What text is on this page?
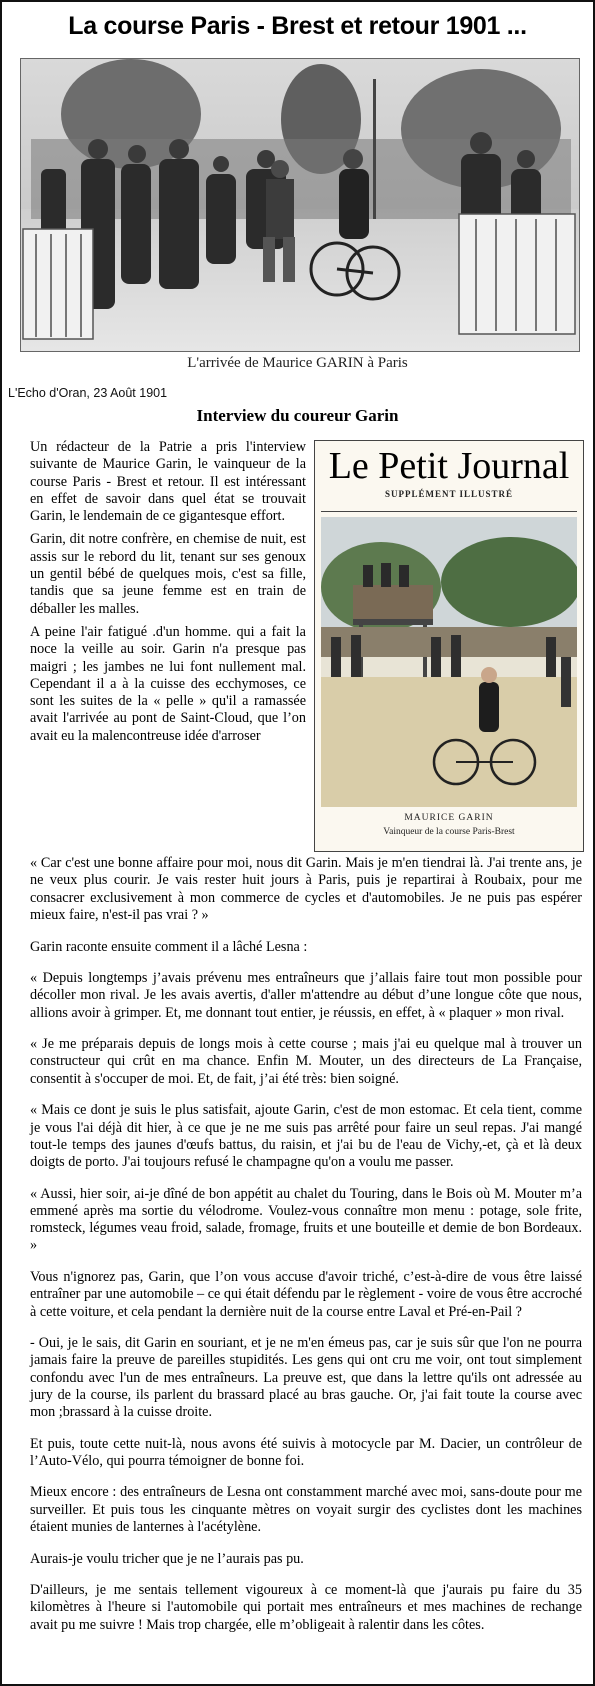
La course Paris - Brest et retour 1901 ...
L'arrivée de Maurice GARIN à Paris
L'Echo d'Oran, 23 Août 1901
Interview du coureur Garin
Le Petit Journal
SUPPLÉMENT ILLUSTRÉ
MAURICE GARIN
Vainqueur de la course Paris-Brest

Un rédacteur de la Patrie a pris l'interview suivante de Maurice Garin, le vainqueur de la course Paris - Brest et retour. Il est intéressant en effet de savoir dans quel état se trouvait Garin, le lendemain de ce gigantesque effort.

Garin, dit notre confrère, en chemise de nuit, est assis sur le rebord du lit, tenant sur ses genoux un gentil bébé de quelques mois, c'est sa fille, tandis que sa jeune femme est en train de déballer les malles.

A peine l'air fatigué .d'un homme. qui a fait la noce la veille au soir. Garin n'a presque pas maigri ; les jambes ne lui font nullement mal. Cependant il a à la cuisse des ecchymoses, ce sont les suites de la « pelle » qu'il a ramassée avait l'arrivée au pont de Saint-Cloud, que l’on avait eu la malencontreuse idée d'arroser

« Car c'est une bonne affaire pour moi, nous dit Garin. Mais je m'en tiendrai là. J'ai trente ans, je ne veux plus courir. Je vais rester huit jours à Paris, puis je repartirai à Roubaix, pour me consacrer exclusivement à mon commerce de cycles et d'automobiles. Je ne puis pas espérer mieux faire, n'est-il pas vrai ? »

Garin raconte ensuite comment il a lâché Lesna :

« Depuis longtemps j’avais prévenu mes entraîneurs que j’allais faire tout mon possible pour décoller mon rival. Je les avais avertis, d'aller m'attendre au début d’une longue côte que nous, allions avoir à grimper. Et, me donnant tout entier, je réussis, en effet, à « plaquer » mon rival.

« Je me préparais depuis de longs mois à cette course ; mais j'ai eu quelque mal à trouver un constructeur qui crût en ma chance. Enfin M. Mouter, un des directeurs de La Française, consentit à s'occuper de moi. Et, de fait, j’ai été très: bien soigné.

« Mais ce dont je suis le plus satisfait, ajoute Garin, c'est de mon estomac. Et cela tient, comme je vous l'ai déjà dit hier, à ce que je ne me suis pas arrêté pour faire un seul repas. J'ai mangé tout-le temps des jaunes d'œufs battus, du raisin, et j'ai bu de l'eau de Vichy,-et, çà et là deux doigts de porto. J'ai toujours refusé le champagne qu'on a voulu me passer.

« Aussi, hier soir, ai-je dîné de bon appétit au chalet du Touring, dans le Bois où M. Mouter m’a emmené après ma sortie du vélodrome. Voulez-vous connaître mon menu : potage, sole frite, romsteck, légumes veau froid, salade, fromage, fruits et une bouteille et demie de bon Bordeaux. »

Vous n'ignorez pas, Garin, que l’on vous accuse d'avoir triché, c’est-à-dire de vous être laissé entraîner par une automobile – ce qui était défendu par le règlement - voire de vous être accroché à cette voiture, et cela pendant la dernière nuit de la course entre Laval et Pré-en-Pail ?

- Oui, je le sais, dit Garin en souriant, et je ne m'en émeus pas, car je suis sûr que l'on ne pourra jamais faire la preuve de pareilles stupidités. Les gens qui ont cru me voir, ont tout simplement confondu avec l'un de mes entraîneurs. La preuve est, que dans la lettre qu'ils ont adressée au jury de la course, ils parlent du brassard placé au bras gauche. Or, j'ai fait toute la course avec mon ;brassard à la cuisse droite.

Et puis, toute cette nuit-là, nous avons été suivis à motocycle par M. Dacier, un contrôleur de l’Auto-Vélo, qui pourra témoigner de bonne foi.

Mieux encore : des entraîneurs de Lesna ont constamment marché avec moi, sans-doute pour me surveiller. Et puis tous les cinquante mètres on voyait surgir des cyclistes dont les machines étaient munies de lanternes à l'acétylène.

Aurais-je voulu tricher que je ne l’aurais pas pu.

D'ailleurs, je me sentais tellement vigoureux à ce moment-là que j'aurais pu faire du 35 kilomètres à l'heure si l'automobile qui portait mes entraîneurs et mes machines de rechange avait pu me suivre ! Mais trop chargée, elle m’obligeait à ralentir dans les côtes.
